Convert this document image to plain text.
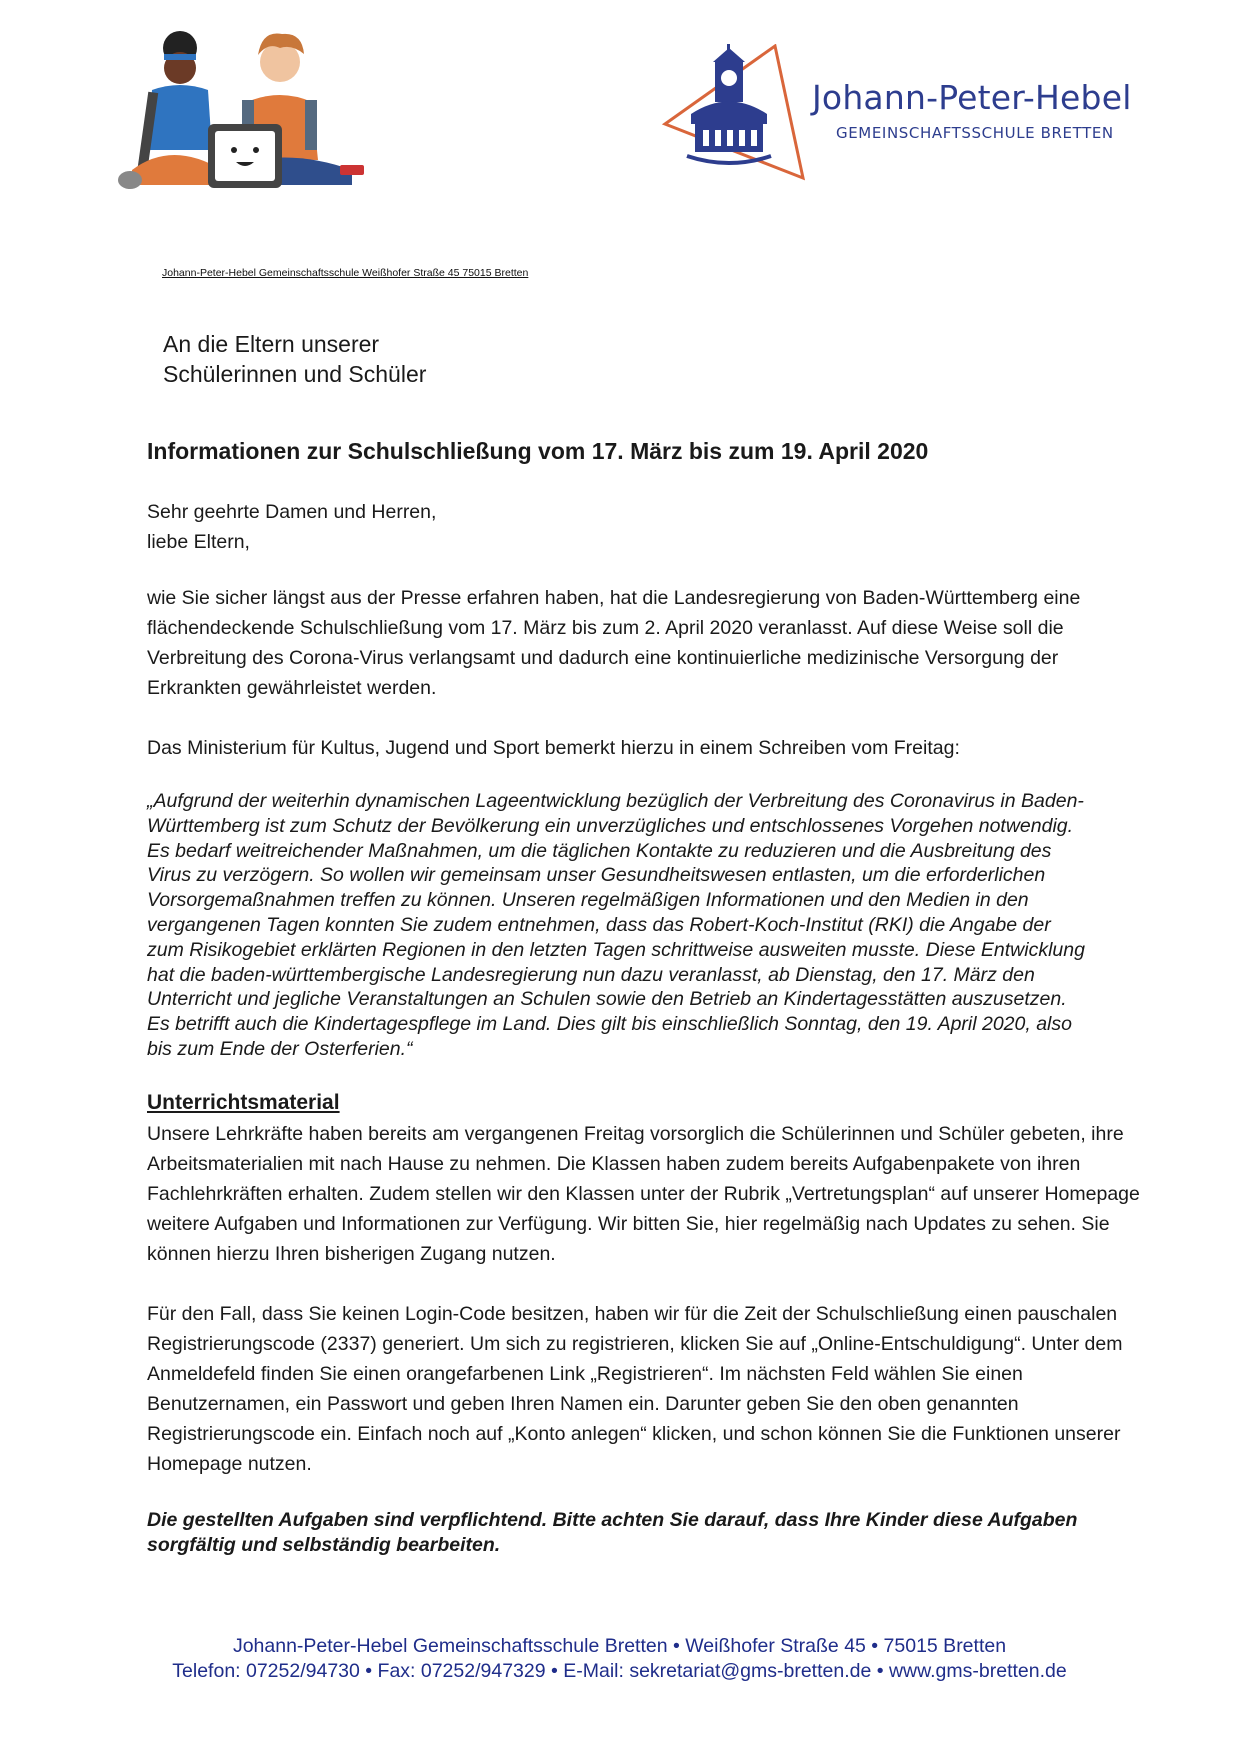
Johann-Peter-Hebel
GEMEINSCHAFTSSCHULE BRETTEN
Johann-Peter-Hebel Gemeinschaftsschule Weißhofer Straße 45 75015 Bretten
An die Eltern unserer
Schülerinnen und Schüler
Informationen zur Schulschließung vom 17. März bis zum 19. April 2020
Sehr geehrte Damen und Herren,
liebe Eltern,
wie Sie sicher längst aus der Presse erfahren haben, hat die Landesregierung von Baden-Württemberg eine flächendeckende Schulschließung vom 17. März bis zum 2. April 2020 veranlasst. Auf diese Weise soll die Verbreitung des Corona-Virus verlangsamt und dadurch eine kontinuierliche medizinische Versorgung der Erkrankten gewährleistet werden.
Das Ministerium für Kultus, Jugend und Sport bemerkt hierzu in einem Schreiben vom Freitag:
„Aufgrund der weiterhin dynamischen Lageentwicklung bezüglich der Verbreitung des Coronavirus in Baden-
Württemberg ist zum Schutz der Bevölkerung ein unverzügliches und entschlossenes Vorgehen notwendig.
Es bedarf weitreichender Maßnahmen, um die täglichen Kontakte zu reduzieren und die Ausbreitung des
Virus zu verzögern. So wollen wir gemeinsam unser Gesundheitswesen entlasten, um die erforderlichen
Vorsorgemaßnahmen treffen zu können. Unseren regelmäßigen Informationen und den Medien in den
vergangenen Tagen konnten Sie zudem entnehmen, dass das Robert-Koch-Institut (RKI) die Angabe der
zum Risikogebiet erklärten Regionen in den letzten Tagen schrittweise ausweiten musste. Diese Entwicklung
hat die baden-württembergische Landesregierung nun dazu veranlasst, ab Dienstag, den 17. März den
Unterricht und jegliche Veranstaltungen an Schulen sowie den Betrieb an Kindertagesstätten auszusetzen.
Es betrifft auch die Kindertagespflege im Land. Dies gilt bis einschließlich Sonntag, den 19. April 2020, also
bis zum Ende der Osterferien.“
Unterrichtsmaterial
Unsere Lehrkräfte haben bereits am vergangenen Freitag vorsorglich die Schülerinnen und Schüler gebeten, ihre Arbeitsmaterialien mit nach Hause zu nehmen. Die Klassen haben zudem bereits Aufgabenpakete von ihren Fachlehrkräften erhalten. Zudem stellen wir den Klassen unter der Rubrik „Vertretungsplan“ auf unserer Homepage weitere Aufgaben und Informationen zur Verfügung. Wir bitten Sie, hier regelmäßig nach Updates zu sehen. Sie können hierzu Ihren bisherigen Zugang nutzen.
Für den Fall, dass Sie keinen Login-Code besitzen, haben wir für die Zeit der Schulschließung einen pauschalen Registrierungscode (2337) generiert. Um sich zu registrieren, klicken Sie auf „Online-Entschuldigung“. Unter dem Anmeldefeld finden Sie einen orangefarbenen Link „Registrieren“. Im nächsten Feld wählen Sie einen Benutzernamen, ein Passwort und geben Ihren Namen ein. Darunter geben Sie den oben genannten Registrierungscode ein. Einfach noch auf „Konto anlegen“ klicken, und schon können Sie die Funktionen unserer Homepage nutzen.
Die gestellten Aufgaben sind verpflichtend. Bitte achten Sie darauf, dass Ihre Kinder diese Aufgaben sorgfältig und selbständig bearbeiten.
Johann-Peter-Hebel Gemeinschaftsschule Bretten • Weißhofer Straße 45 • 75015 Bretten
Telefon: 07252/94730 • Fax: 07252/947329 • E-Mail: sekretariat@gms-bretten.de • www.gms-bretten.de
